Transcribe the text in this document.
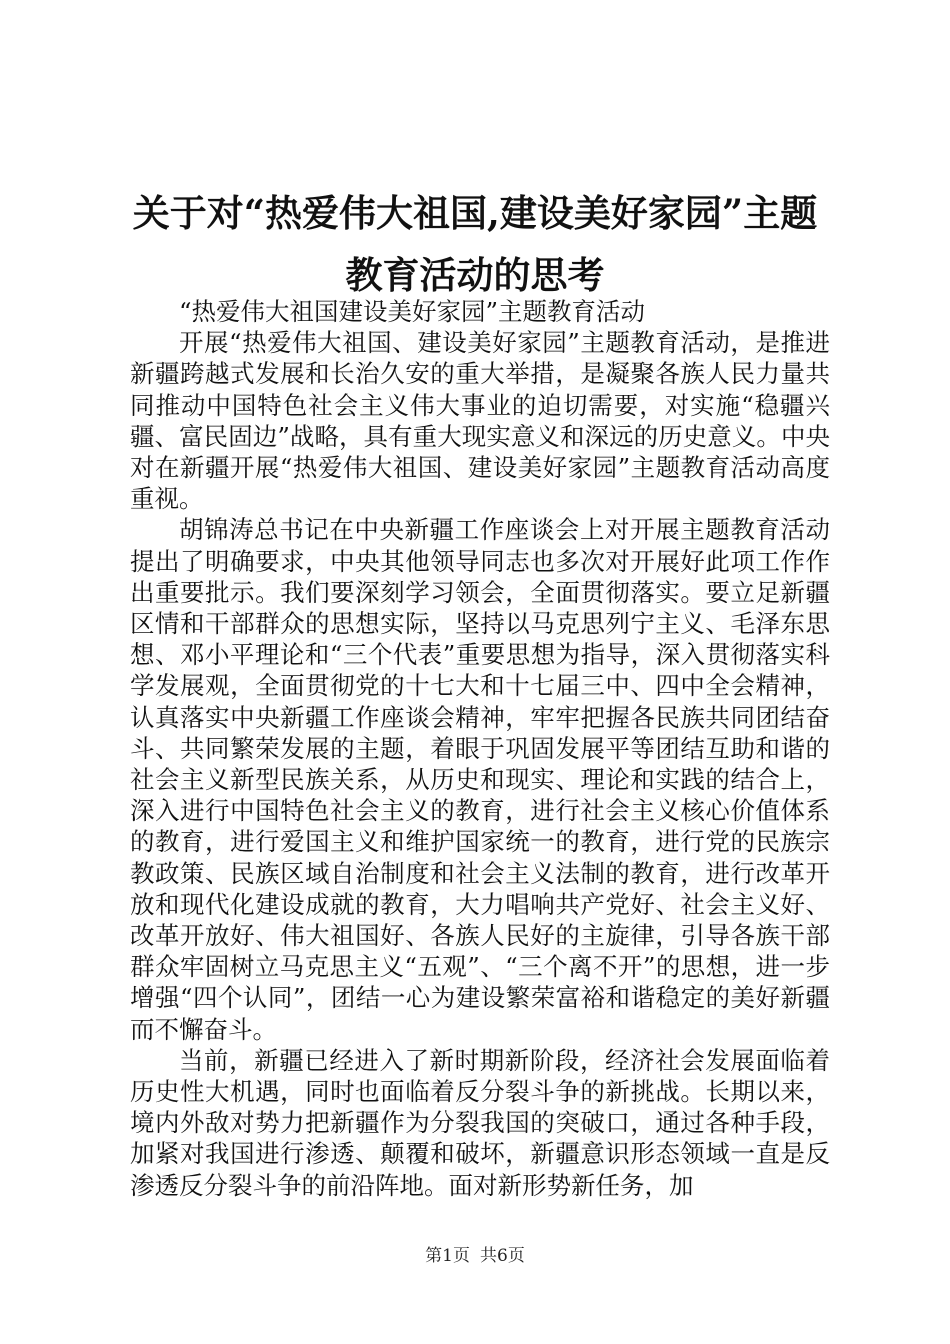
关于对“热爱伟大祖国,建设美好家园”主题
教育活动的思考

“热爱伟大祖国建设美好家园”主题教育活动

开展“热爱伟大祖国、建设美好家园”主题教育活动，是推进新疆跨越式发展和长治久安的重大举措，是凝聚各族人民力量共同推动中国特色社会主义伟大事业的迫切需要，对实施“稳疆兴疆、富民固边”战略，具有重大现实意义和深远的历史意义。中央对在新疆开展“热爱伟大祖国、建设美好家园”主题教育活动高度重视。

胡锦涛总书记在中央新疆工作座谈会上对开展主题教育活动提出了明确要求，中央其他领导同志也多次对开展好此项工作作出重要批示。我们要深刻学习领会，全面贯彻落实。要立足新疆区情和干部群众的思想实际，坚持以马克思列宁主义、毛泽东思想、邓小平理论和“三个代表”重要思想为指导，深入贯彻落实科学发展观，全面贯彻党的十七大和十七届三中、四中全会精神，认真落实中央新疆工作座谈会精神，牢牢把握各民族共同团结奋斗、共同繁荣发展的主题，着眼于巩固发展平等团结互助和谐的社会主义新型民族关系，从历史和现实、理论和实践的结合上，深入进行中国特色社会主义的教育，进行社会主义核心价值体系的教育，进行爱国主义和维护国家统一的教育，进行党的民族宗教政策、民族区域自治制度和社会主义法制的教育，进行改革开放和现代化建设成就的教育，大力唱响共产党好、社会主义好、改革开放好、伟大祖国好、各族人民好的主旋律，引导各族干部群众牢固树立马克思主义“五观”、“三个离不开”的思想，进一步增强“四个认同”，团结一心为建设繁荣富裕和谐稳定的美好新疆而不懈奋斗。

当前，新疆已经进入了新时期新阶段，经济社会发展面临着历史性大机遇，同时也面临着反分裂斗争的新挑战。长期以来，境内外敌对势力把新疆作为分裂我国的突破口，通过各种手段，加紧对我国进行渗透、颠覆和破坏，新疆意识形态领域一直是反渗透反分裂斗争的前沿阵地。面对新形势新任务，加

第1页 共6页
